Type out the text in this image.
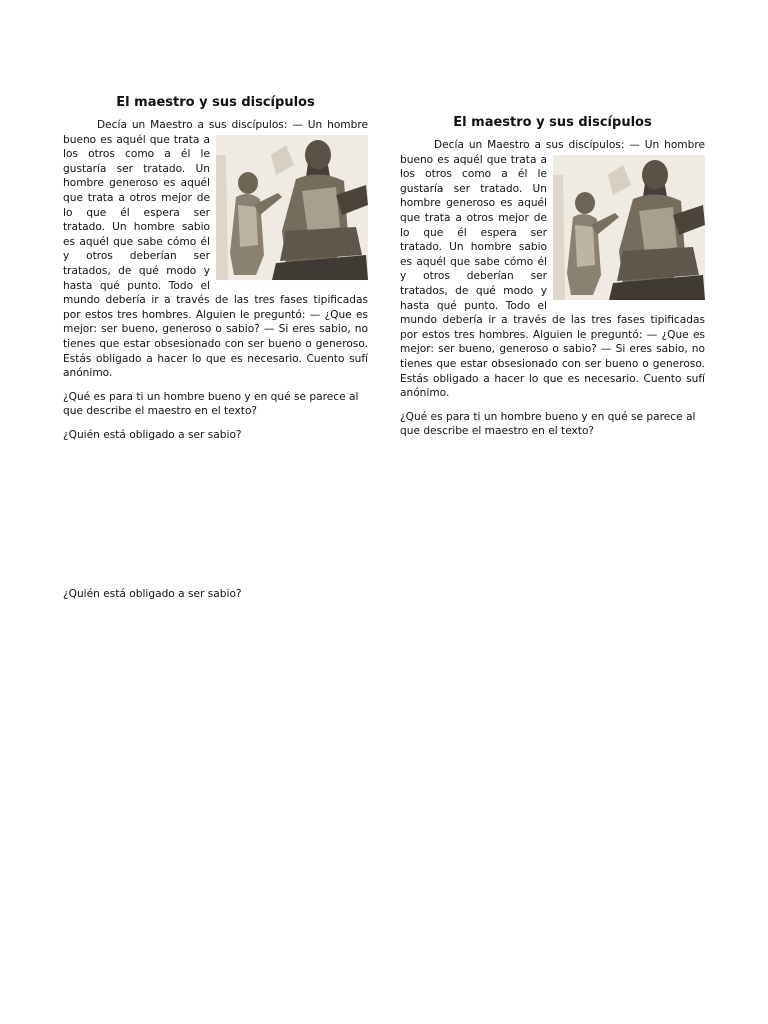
El maestro y sus discípulos

Decía un Maestro a sus discípulos: — Un hombre
bueno es aquél que trata a los otros como a él le gustaría ser tratado. Un hombre generoso es aquél que trata a otros mejor de lo que él espera ser tratado. Un hombre sabio es aquél que sabe cómo él y otros deberían ser tratados, de qué modo y hasta qué punto. Todo el mundo debería ir a través de las tres fases tipificadas por estos tres hombres. Alguien le preguntó: — ¿Que es mejor: ser bueno, generoso o sabio? — Si eres sabio, no tienes que estar obsesionado con ser bueno o generoso. Estás obligado a hacer lo que es necesario. Cuento sufí anónimo.

¿Qué es para ti un hombre bueno y en qué se parece al que describe el maestro en el texto?

¿Quién está obligado a ser sabio?

¿Quién está obligado a ser sabio?
El maestro y sus discípulos

Decía un Maestro a sus discípulos: — Un hombre
bueno es aquél que trata a los otros como a él le gustaría ser tratado. Un hombre generoso es aquél que trata a otros mejor de lo que él espera ser tratado. Un hombre sabio es aquél que sabe cómo él y otros deberían ser tratados, de qué modo y hasta qué punto. Todo el mundo debería ir a través de las tres fases tipificadas por estos tres hombres. Alguien le preguntó: — ¿Que es mejor: ser bueno, generoso o sabio? — Si eres sabio, no tienes que estar obsesionado con ser bueno o generoso. Estás obligado a hacer lo que es necesario. Cuento sufí anónimo.

¿Qué es para ti un hombre bueno y en qué se parece al que describe el maestro en el texto?
